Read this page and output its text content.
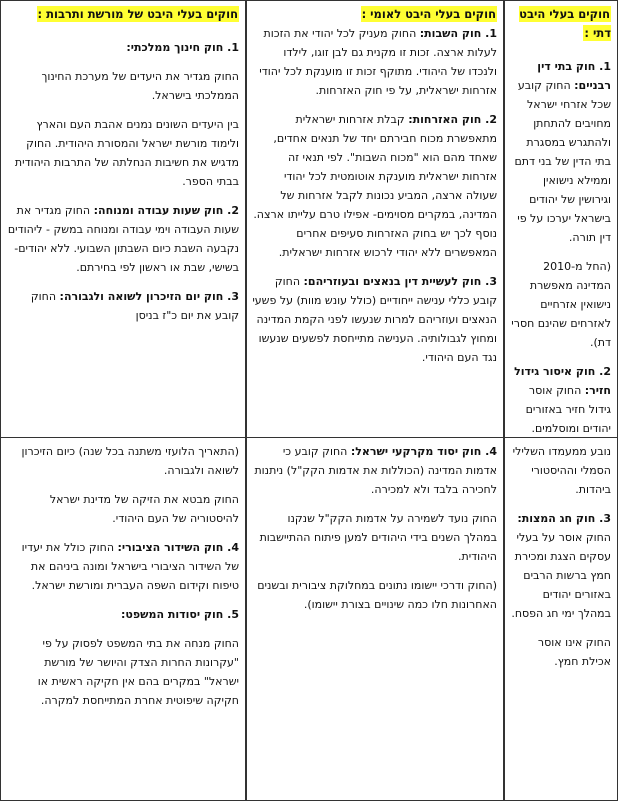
חוקים בעלי היבט דתי :

1. חוק בתי דין רבניים: החוק קובע שכל אזרחי ישראל מחויבים להתחתן ולהתגרש במסגרת בתי הדין של בני דתם וממילא נישואין וגירושין של יהודים בישראל יערכו על פי דין תורה.

(החל מ-2010 המדינה מאפשרת נישואין אזרחיים לאזרחים שהינם חסרי דת).

2. חוק איסור גידול חזיר: החוק אוסר גידול חזיר באזורים יהודים ומוסלמים.

חוקים בעלי היבט לאומי :

1. חוק השבות: החוק מעניק לכל יהודי את הזכות לעלות ארצה. זכות זו מקנית גם לבן זוגו, לילדו ולנכדו של היהודי. מתוקף זכות זו מוענקת לכל יהודי אזרחות ישראלית, על פי חוק האזרחות.

2. חוק האזרחות: קבלת אזרחות ישראלית מתאפשרת מכוח חבירתם יחד של תנאים אחדים, שאחד מהם הוא "מכוח השבות". לפי תנאי זה אזרחות ישראלית מוענקת אוטומטית לכל יהודי שעולה ארצה, המביע נכונות לקבל אזרחות של המדינה, במקרים מסוימים- אפילו טרם עלייתו ארצה. נוסף לכך יש בחוק האזרחות סעיפים אחרים המאפשרים ללא יהודי לרכוש אזרחות ישראלית.

3. חוק לעשיית דין בנאצים ובעוזריהם: החוק קובע כללי ענישה ייחודיים (כולל עונש מוות) על פשעי הנאצים ועוזריהם למרות שנעשו לפני הקמת המדינה ומחוץ לגבולותיה. הענישה מתייחסת לפשעים שנעשו נגד העם היהודי.

חוקים בעלי היבט של מורשת ותרבות :

1. חוק חינוך ממלכתי:

החוק מגדיר את היעדים של מערכת החינוך הממלכתי בישראל.

בין היעדים השונים נמנים אהבת העם והארץ ולימוד מורשת ישראל והמסורת היהודית. החוק מדגיש את חשיבות הנחלתה של התרבות היהודית בבתי הספר.

2. חוק שעות עבודה ומנוחה: החוק מגדיר את שעות העבודה וימי עבודה ומנוחה במשק - ליהודים נקבעה השבת כיום השבתון השבועי. ללא יהודים- בשישי, שבת או ראשון לפי בחירתם.

3. חוק יום הזיכרון לשואה ולגבורה: החוק קובע את יום כ"ז בניסן

נובע ממעמדו השלילי הסמלי וההיסטורי ביהדות.

3. חוק חג המצות: החוק אוסר על בעלי עסקים הצגת ומכירת חמץ ברשות הרבים באזורים יהודים במהלך ימי חג הפסח.

החוק אינו אוסר אכילת חמץ.

4. חוק יסוד מקרקעי ישראל: החוק קובע כי אדמות המדינה (הכוללות את אדמות הקק"ל) ניתנות לחכירה בלבד ולא למכירה.

החוק נועד לשמירה על אדמות הקק"ל שנקנו במהלך השנים בידי היהודים למען פיתוח ההתיישבות היהודית.

(החוק ודרכי יישומו נתונים במחלוקת ציבורית ובשנים האחרונות חלו כמה שינויים בצורת יישומו).

(התאריך הלועזי משתנה בכל שנה) כיום הזיכרון לשואה ולגבורה.

החוק מבטא את הזיקה של מדינת ישראל להיסטוריה של העם היהודי.

4. חוק השידור הציבורי: החוק כולל את יעדיו של השידור הציבורי בישראל ומונה ביניהם את טיפוח וקידום השפה העברית ומורשת ישראל.

5. חוק יסודות המשפט:

החוק מנחה את בתי המשפט לפסוק על פי "עקרונות החרות הצדק והיושר של מורשת ישראל" במקרים בהם אין חקיקה ראשית או חקיקה שיפוטית אחרת המתייחסת למקרה.
